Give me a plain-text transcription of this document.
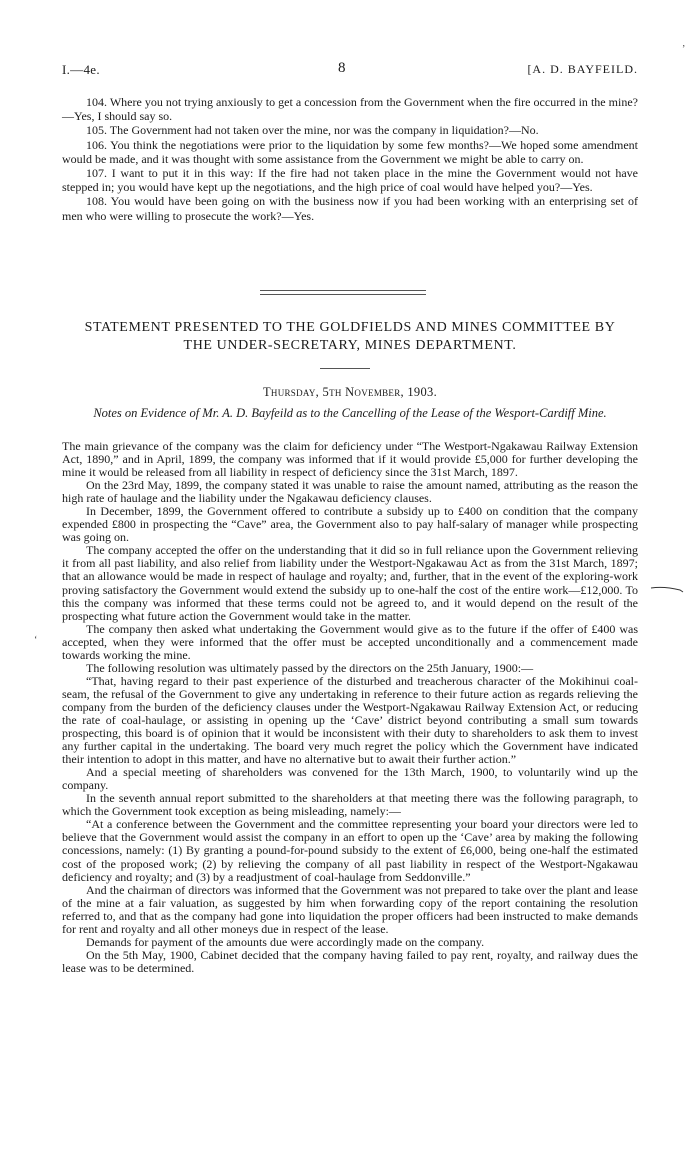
I.—4e.	8	[A. D. BAYFEILD.

104. Where you not trying anxiously to get a concession from the Government when the fire occurred in the mine?—Yes, I should say so.

105. The Government had not taken over the mine, nor was the company in liquidation?—No.

106. You think the negotiations were prior to the liquidation by some few months?—We hoped some amendment would be made, and it was thought with some assistance from the Government we might be able to carry on.

107. I want to put it in this way: If the fire had not taken place in the mine the Government would not have stepped in; you would have kept up the negotiations, and the high price of coal would have helped you?—Yes.

108. You would have been going on with the business now if you had been working with an enterprising set of men who were willing to prosecute the work?—Yes.

STATEMENT PRESENTED TO THE GOLDFIELDS AND MINES COMMITTEE BY
THE UNDER-SECRETARY, MINES DEPARTMENT.
Thursday, 5th November, 1903.
Notes on Evidence of Mr. A. D. Bayfeild as to the Cancelling of the Lease of the Wesport-Cardiff Mine.

The main grievance of the company was the claim for deficiency under “The Westport-Ngakawau Railway Extension Act, 1890,” and in April, 1899, the company was informed that if it would provide £5,000 for further developing the mine it would be released from all liability in respect of deficiency since the 31st March, 1897.

On the 23rd May, 1899, the company stated it was unable to raise the amount named, attributing as the reason the high rate of haulage and the liability under the Ngakawau deficiency clauses.

In December, 1899, the Government offered to contribute a subsidy up to £400 on condition that the company expended £800 in prospecting the “Cave” area, the Government also to pay half-salary of manager while prospecting was going on.

The company accepted the offer on the understanding that it did so in full reliance upon the Government relieving it from all past liability, and also relief from liability under the Westport-Ngakawau Act as from the 31st March, 1897; that an allowance would be made in respect of haulage and royalty; and, further, that in the event of the exploring-work proving satisfactory the Government would extend the subsidy up to one-half the cost of the entire work—£12,000. To this the company was informed that these terms could not be agreed to, and it would depend on the result of the prospecting what future action the Government would take in the matter.

The company then asked what undertaking the Government would give as to the future if the offer of £400 was accepted, when they were informed that the offer must be accepted unconditionally and a commencement made towards working the mine.

The following resolution was ultimately passed by the directors on the 25th January, 1900:—

“That, having regard to their past experience of the disturbed and treacherous character of the Mokihinui coal-seam, the refusal of the Government to give any undertaking in reference to their future action as regards relieving the company from the burden of the deficiency clauses under the Westport-Ngakawau Railway Extension Act, or reducing the rate of coal-haulage, or assisting in opening up the ‘Cave’ district beyond contributing a small sum towards prospecting, this board is of opinion that it would be inconsistent with their duty to shareholders to ask them to invest any further capital in the undertaking. The board very much regret the policy which the Government have indicated their intention to adopt in this matter, and have no alternative but to await their further action.”

And a special meeting of shareholders was convened for the 13th March, 1900, to voluntarily wind up the company.

In the seventh annual report submitted to the shareholders at that meeting there was the following paragraph, to which the Government took exception as being misleading, namely:—

“At a conference between the Government and the committee representing your board your directors were led to believe that the Government would assist the company in an effort to open up the ‘Cave’ area by making the following concessions, namely: (1) By granting a pound-for-pound subsidy to the extent of £6,000, being one-half the estimated cost of the proposed work; (2) by relieving the company of all past liability in respect of the Westport-Ngakawau deficiency and royalty; and (3) by a readjustment of coal-haulage from Seddonville.”

And the chairman of directors was informed that the Government was not prepared to take over the plant and lease of the mine at a fair valuation, as suggested by him when forwarding copy of the report containing the resolution referred to, and that as the company had gone into liquidation the proper officers had been instructed to make demands for rent and royalty and all other moneys due in respect of the lease.

Demands for payment of the amounts due were accordingly made on the company.

On the 5th May, 1900, Cabinet decided that the company having failed to pay rent, royalty, and railway dues the lease was to be determined.

ʼ
‘
